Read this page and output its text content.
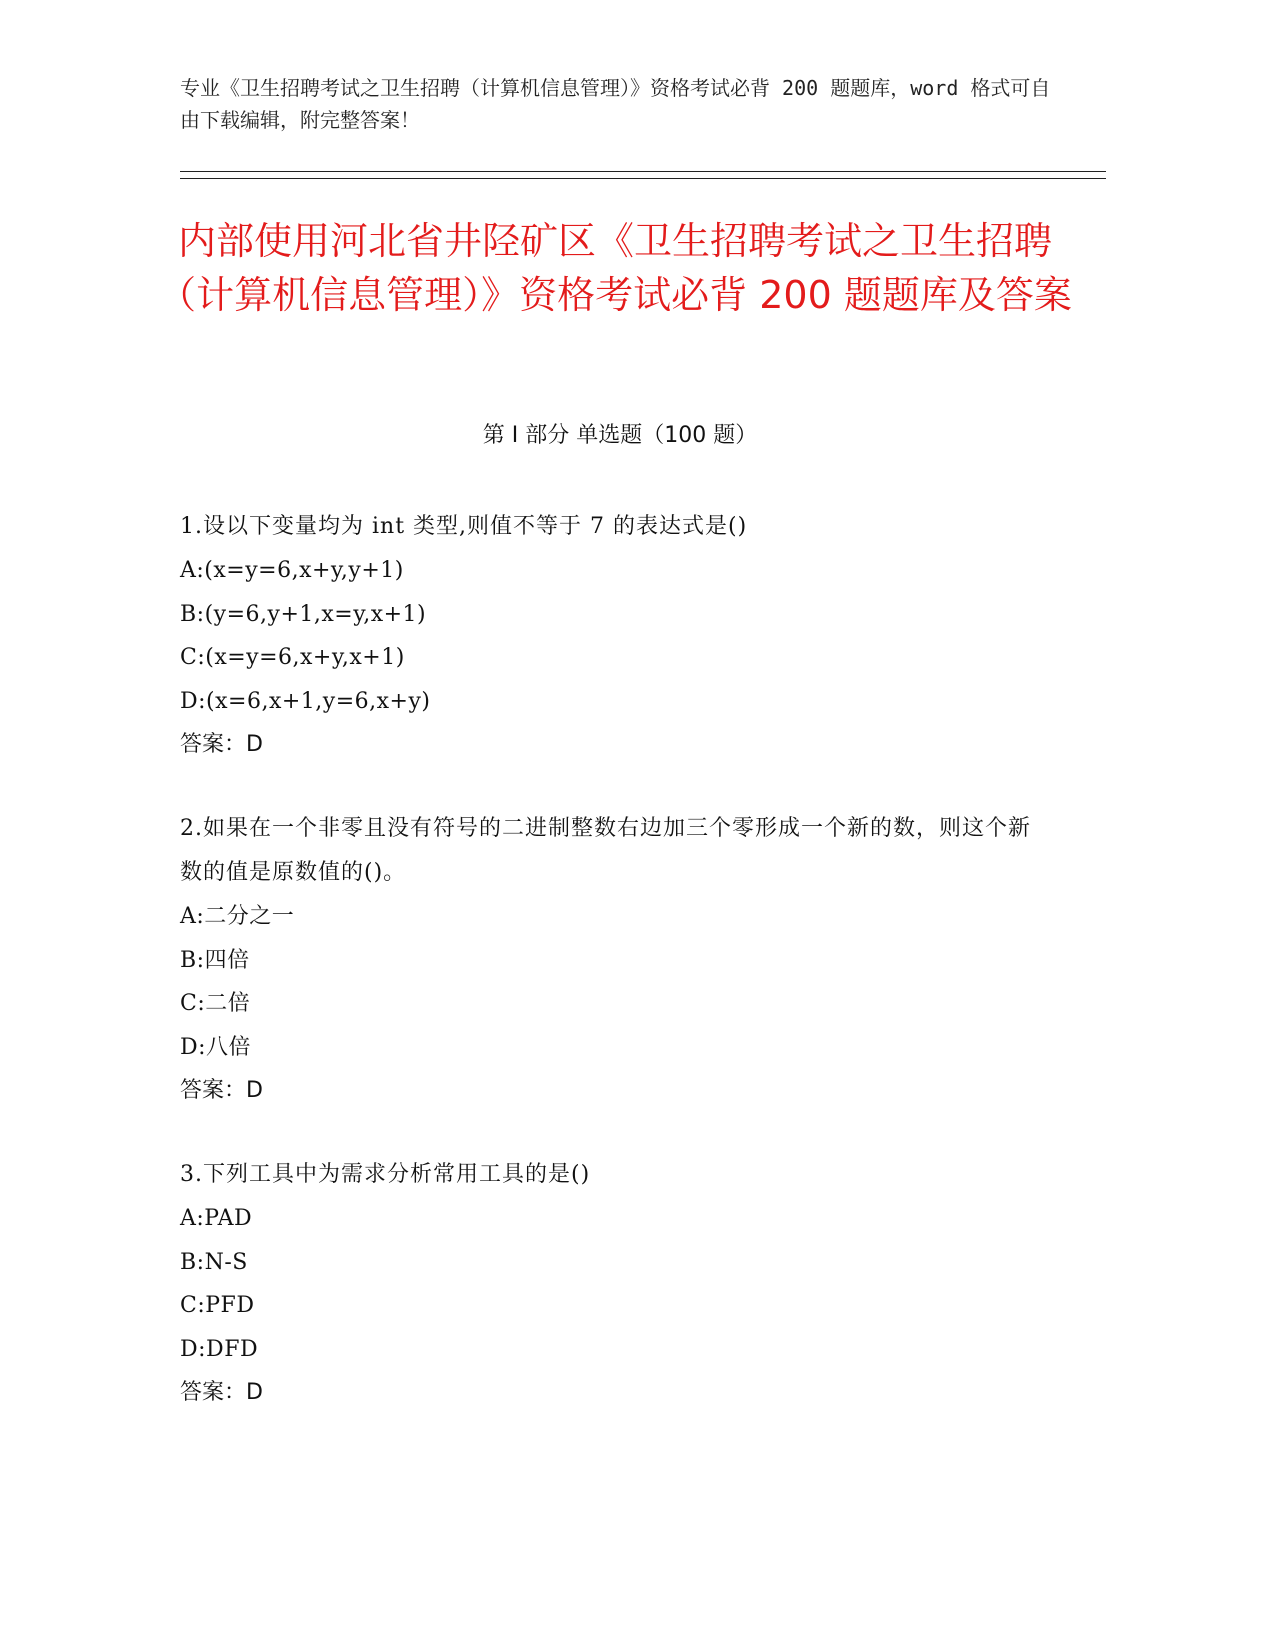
专业《卫生招聘考试之卫生招聘（计算机信息管理）》资格考试必背 200 题题库，word 格式可自由下载编辑，附完整答案！
内部使用河北省井陉矿区《卫生招聘考试之卫生招聘（计算机信息管理）》资格考试必背 200 题题库及答案
第 I 部分 单选题（100 题）
1.设以下变量均为 int 类型,则值不等于 7 的表达式是()
A:(x=y=6,x+y,y+1)
B:(y=6,y+1,x=y,x+1)
C:(x=y=6,x+y,x+1)
D:(x=6,x+1,y=6,x+y)
答案：D
2.如果在一个非零且没有符号的二进制整数右边加三个零形成一个新的数，则这个新数的值是原数值的()。
A:二分之一
B:四倍
C:二倍
D:八倍
答案：D
3.下列工具中为需求分析常用工具的是()
A:PAD
B:N-S
C:PFD
D:DFD
答案：D
